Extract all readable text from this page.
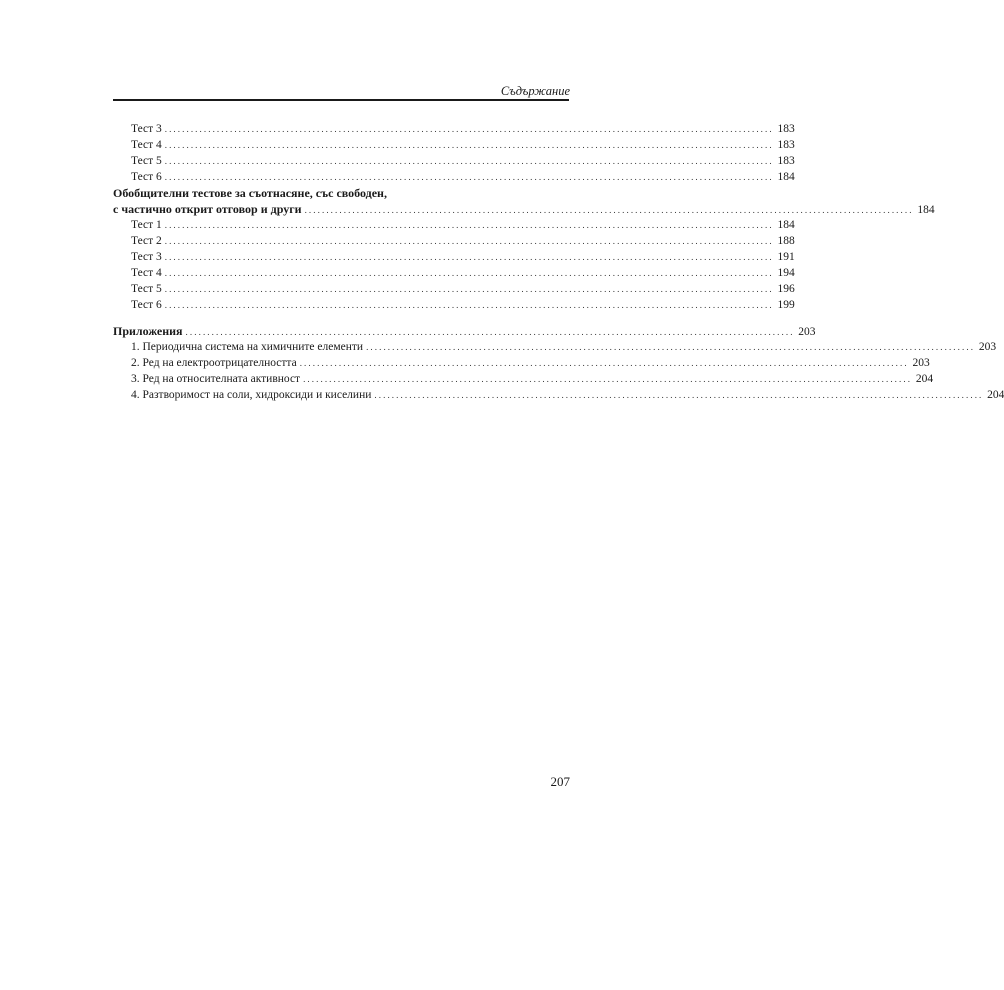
Съдържание
Тест 3 ............................................................................................................................................ 183
Тест 4 ............................................................................................................................................ 183
Тест 5 ............................................................................................................................................ 183
Тест 6 ............................................................................................................................................ 184
Обобщителни тестове за съотнасяне, със свободен,
с частично открит отговор и други ............................................................................................................................................ 184
Тест 1 ............................................................................................................................................ 184
Тест 2 ............................................................................................................................................ 188
Тест 3 ............................................................................................................................................ 191
Тест 4 ............................................................................................................................................ 194
Тест 5 ............................................................................................................................................ 196
Тест 6 ............................................................................................................................................ 199
Приложения ............................................................................................................................................ 203
1. Периодична система на химичните елементи ............................................................................................................................................ 203
2. Ред на електроотрицателността ............................................................................................................................................ 203
3. Ред на относителната активност ............................................................................................................................................ 204
4. Разтворимост на соли, хидроксиди и киселини ............................................................................................................................................ 204
207
